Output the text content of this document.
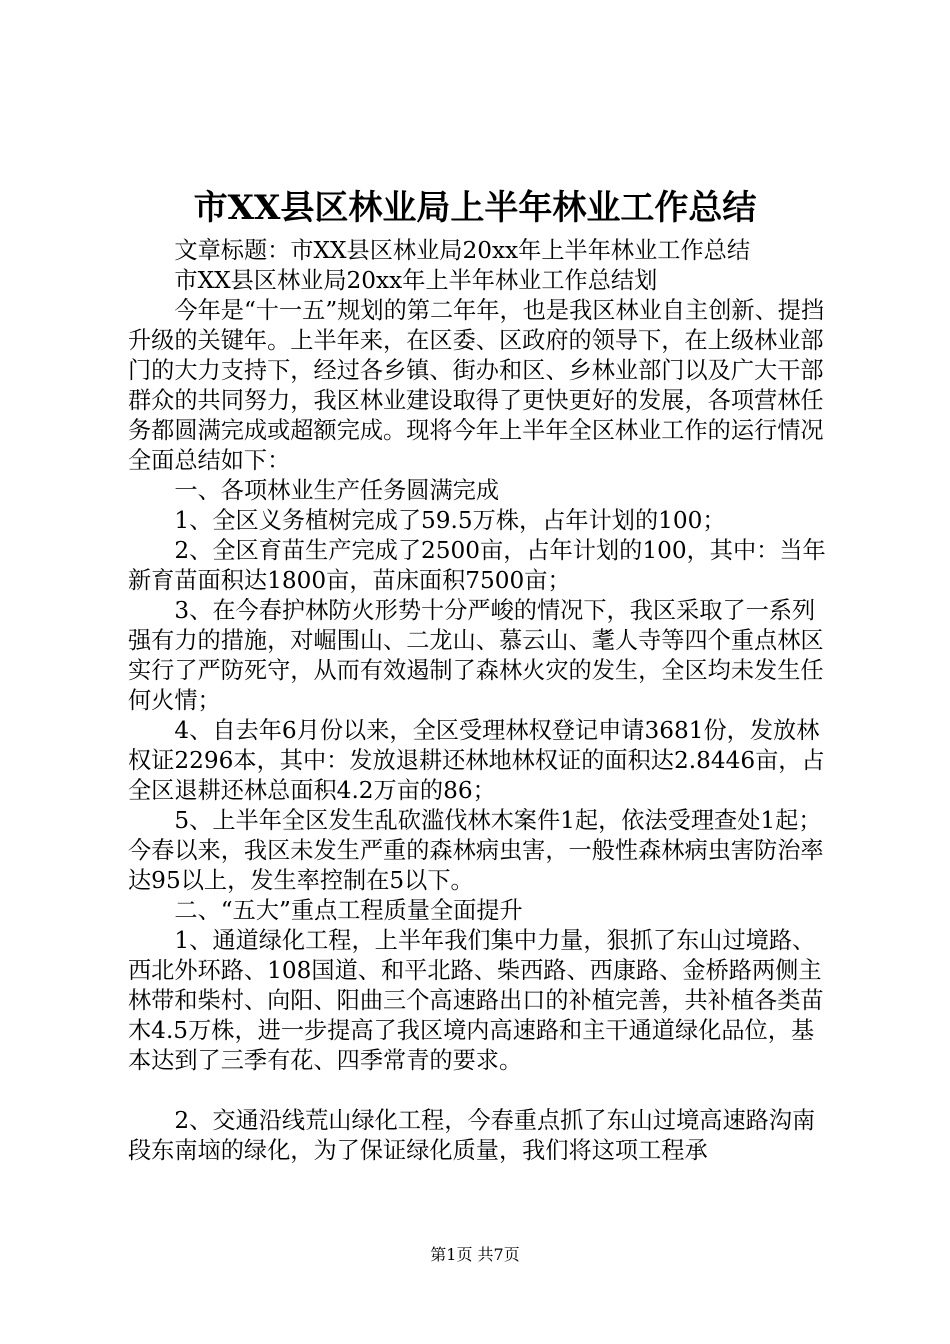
市XX县区林业局上半年林业工作总结

文章标题：市XX县区林业局20xx年上半年林业工作总结

市XX县区林业局20xx年上半年林业工作总结划

今年是“十一五”规划的第二年年，也是我区林业自主创新、提挡升级的关键年。上半年来，在区委、区政府的领导下，在上级林业部门的大力支持下，经过各乡镇、街办和区、乡林业部门以及广大干部群众的共同努力，我区林业建设取得了更快更好的发展，各项营林任务都圆满完成或超额完成。现将今年上半年全区林业工作的运行情况全面总结如下：

一、各项林业生产任务圆满完成

1、全区义务植树完成了59.5万株，占年计划的100；

2、全区育苗生产完成了2500亩，占年计划的100，其中：当年新育苗面积达1800亩，苗床面积7500亩；

3、在今春护林防火形势十分严峻的情况下，我区采取了一系列强有力的措施，对崛围山、二龙山、慕云山、耄人寺等四个重点林区实行了严防死守，从而有效遏制了森林火灾的发生，全区均未发生任何火情；

4、自去年6月份以来，全区受理林权登记申请3681份，发放林权证2296本，其中：发放退耕还林地林权证的面积达2.8446亩，占全区退耕还林总面积4.2万亩的86；

5、上半年全区发生乱砍滥伐林木案件1起，依法受理查处1起；今春以来，我区未发生严重的森林病虫害，一般性森林病虫害防治率达95以上，发生率控制在5以下。

二、“五大”重点工程质量全面提升

1、通道绿化工程，上半年我们集中力量，狠抓了东山过境路、西北外环路、108国道、和平北路、柴西路、西康路、金桥路两侧主林带和柴村、向阳、阳曲三个高速路出口的补植完善，共补植各类苗木4.5万株，进一步提高了我区境内高速路和主干通道绿化品位，基本达到了三季有花、四季常青的要求。

2、交通沿线荒山绿化工程，今春重点抓了东山过境高速路沟南段东南垴的绿化，为了保证绿化质量，我们将这项工程承

第1页 共7页
